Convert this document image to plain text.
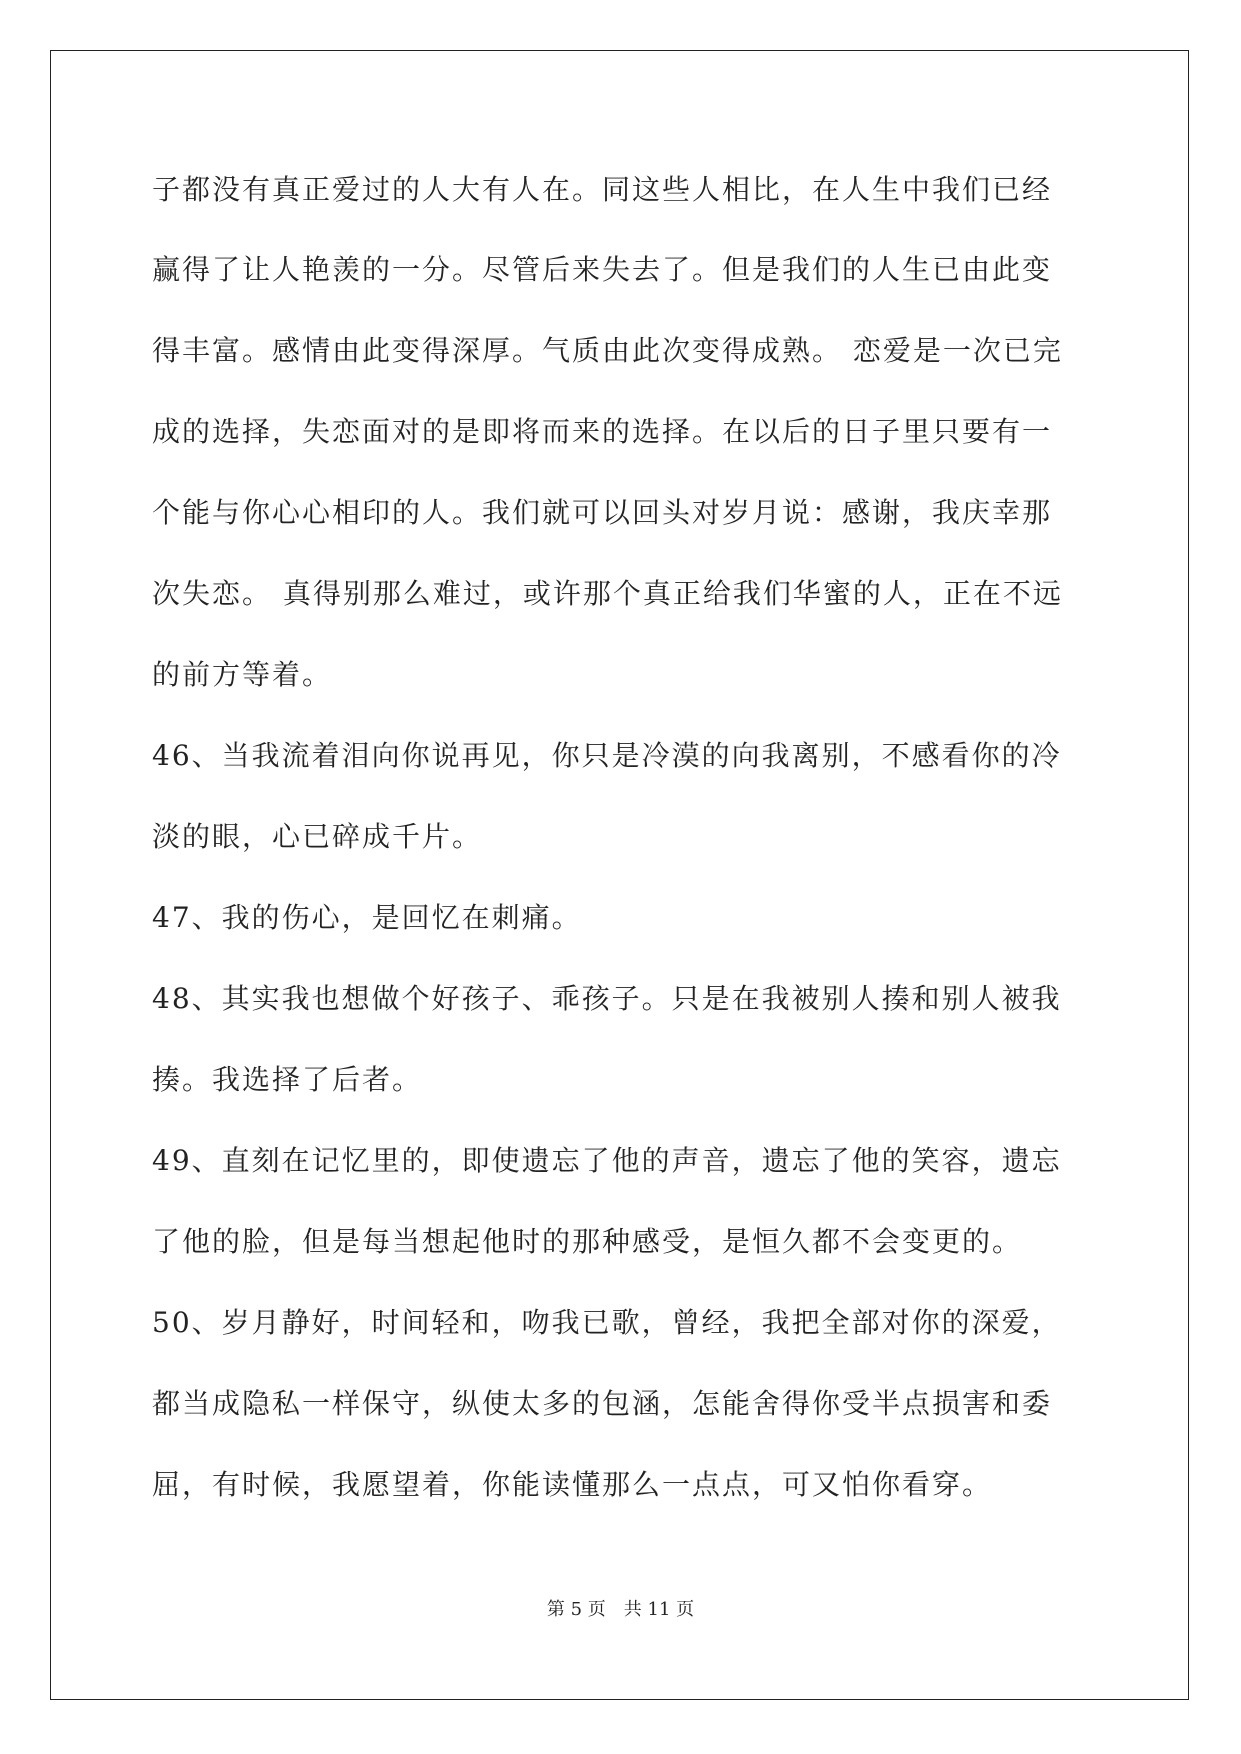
子都没有真正爱过的人大有人在。同这些人相比，在人生中我们已经
赢得了让人艳羡的一分。尽管后来失去了。但是我们的人生已由此变
得丰富。感情由此变得深厚。气质由此次变得成熟。 恋爱是一次已完
成的选择，失恋面对的是即将而来的选择。在以后的日子里只要有一
个能与你心心相印的人。我们就可以回头对岁月说：感谢，我庆幸那
次失恋。 真得别那么难过，或许那个真正给我们华蜜的人，正在不远
的前方等着。
46、当我流着泪向你说再见，你只是冷漠的向我离别，不感看你的冷
淡的眼，心已碎成千片。
47、我的伤心，是回忆在刺痛。
48、其实我也想做个好孩子、乖孩子。只是在我被别人揍和别人被我
揍。我选择了后者。
49、直刻在记忆里的，即使遗忘了他的声音，遗忘了他的笑容，遗忘
了他的脸，但是每当想起他时的那种感受，是恒久都不会变更的。
50、岁月静好，时间轻和，吻我已歌，曾经，我把全部对你的深爱，
都当成隐私一样保守，纵使太多的包涵，怎能舍得你受半点损害和委
屈，有时候，我愿望着，你能读懂那么一点点，可又怕你看穿。
第 5 页　共 11 页
